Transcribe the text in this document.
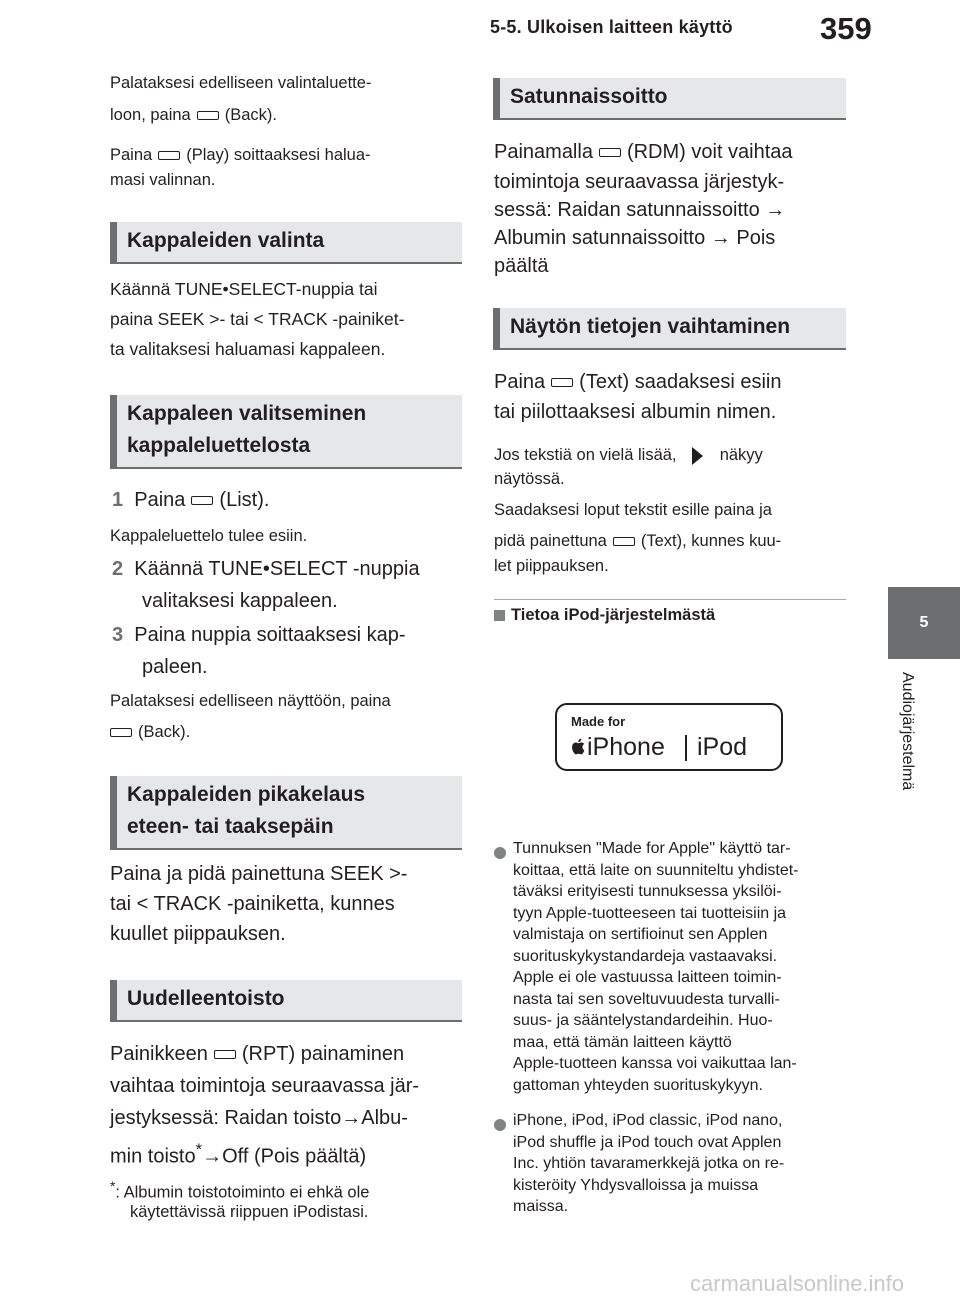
5-5. Ulkoisen laitteen käyttö	359
5
Audiojärjestelmä
Palataksesi edelliseen valintaluette-
loon, paina (Back).
Paina (Play) soittaaksesi halua-
masi valinnan.
Kappaleiden valinta
Käännä TUNE•SELECT-nuppia tai
paina SEEK >- tai < TRACK -painiket-
ta valitaksesi haluamasi kappaleen.
Kappaleen valitseminen
kappaleluettelosta
1 Paina (List).
Kappaleluettelo tulee esiin.
2 Käännä TUNE•SELECT -nuppia
valitaksesi kappaleen.
3 Paina nuppia soittaaksesi kap-
paleen.
Palataksesi edelliseen näyttöön, paina
(Back).
Kappaleiden pikakelaus
eteen- tai taaksepäin
Paina ja pidä painettuna SEEK >-
tai < TRACK -painiketta, kunnes
kuullet piippauksen.
Uudelleentoisto
Painikkeen (RPT) painaminen
vaihtaa toimintoja seuraavassa jär-
jestyksessä: Raidan toisto→Albu-
min toisto*→Off (Pois päältä)
*: Albumin toistotoiminto ei ehkä ole
käytettävissä riippuen iPodistasi.
Satunnaissoitto
Painamalla (RDM) voit vaihtaa
toimintoja seuraavassa järjestyk-
sessä: Raidan satunnaissoitto →
Albumin satunnaissoitto → Pois
päältä
Näytön tietojen vaihtaminen
Paina (Text) saadaksesi esiin
tai piilottaaksesi albumin nimen.
Jos tekstiä on vielä lisää,	näkyy
näytössä.
Saadaksesi loput tekstit esille paina ja
pidä painettuna (Text), kunnes kuu-
let piippauksen.
Tietoa iPod-järjestelmästä
Made for
iPhone iPod
Tunnuksen "Made for Apple" käyttö tar-
koittaa, että laite on suunniteltu yhdistet-
täväksi erityisesti tunnuksessa yksilöi-
tyyn Apple-tuotteeseen tai tuotteisiin ja
valmistaja on sertifioinut sen Applen
suorituskykystandardeja vastaavaksi.
Apple ei ole vastuussa laitteen toimin-
nasta tai sen soveltuvuudesta turvalli-
suus- ja sääntelystandardeihin. Huo-
maa, että tämän laitteen käyttö
Apple-tuotteen kanssa voi vaikuttaa lan-
gattoman yhteyden suorituskykyyn.
iPhone, iPod, iPod classic, iPod nano,
iPod shuffle ja iPod touch ovat Applen
Inc. yhtiön tavaramerkkejä jotka on re-
kisteröity Yhdysvalloissa ja muissa
maissa.
carmanualsonline.info
